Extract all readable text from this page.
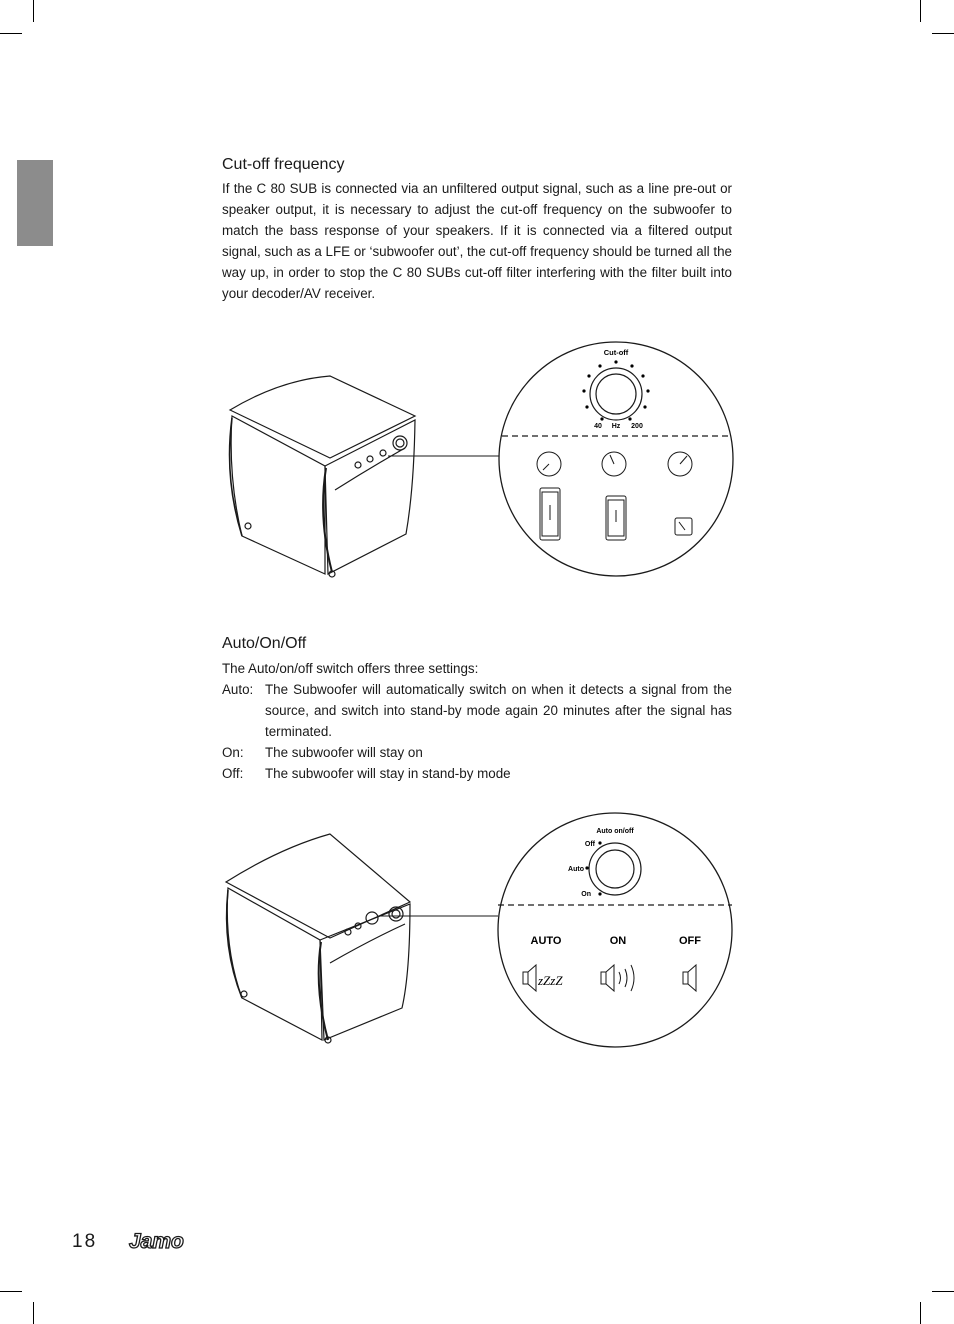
Cut-off frequency
If the C 80 SUB is connected via an unfiltered output signal, such as a line pre-out or speaker output, it is necessary to adjust the cut-off frequency on the subwoofer to match the bass response of your speakers. If it is connected via a filtered output signal, such as a LFE or ‘subwoofer out’, the cut-off frequency should be turned all the way up, in order to stop the C 80 SUBs cut-off filter interfering with the filter built into your decoder/AV receiver.
Cut-off
40 Hz 200
Auto/On/Off
The Auto/on/off switch offers three settings:
Auto: The Subwoofer will automatically switch on when it detects a signal from the source, and switch into stand-by mode again 20 minutes after the signal has terminated.
On: The subwoofer will stay on
Off: The subwoofer will stay in stand-by mode
Auto on/off
Off
Auto
On
AUTO	ON	OFF
zZzZ
18 Jamo
